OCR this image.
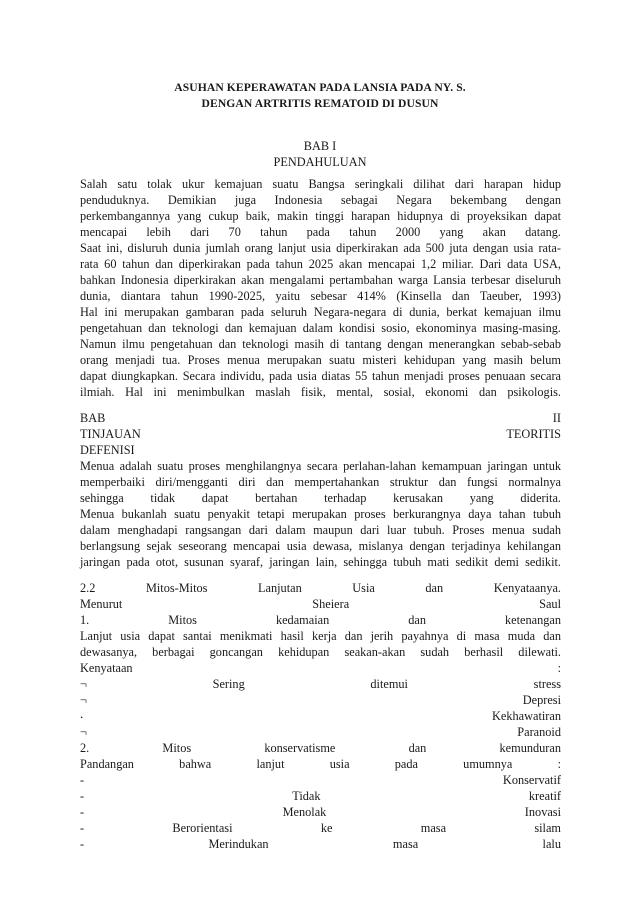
ASUHAN KEPERAWATAN PADA LANSIA PADA NY. S.
DENGAN ARTRITIS REMATOID DI DUSUN
BAB I
PENDAHULUAN
Salah satu tolak ukur kemajuan suatu Bangsa seringkali dilihat dari harapan hidup
penduduknya. Demikian juga Indonesia sebagai Negara bekembang dengan
perkembangannya yang cukup baik, makin tinggi harapan hidupnya di proyeksikan dapat
mencapai lebih dari 70 tahun pada tahun 2000 yang akan datang.
Saat ini, disluruh dunia jumlah orang lanjut usia diperkirakan ada 500 juta dengan usia rata-
rata 60 tahun dan diperkirakan pada tahun 2025 akan mencapai 1,2 miliar. Dari data USA,
bahkan Indonesia diperkirakan akan mengalami pertambahan warga Lansia terbesar diseluruh
dunia, diantara tahun 1990-2025, yaitu sebesar 414% (Kinsella dan Taeuber, 1993)
Hal ini merupakan gambaran pada seluruh Negara-negara di dunia, berkat kemajuan ilmu
pengetahuan dan teknologi dan kemajuan dalam kondisi sosio, ekonominya masing-masing.
Namun ilmu pengetahuan dan teknologi masih di tantang dengan menerangkan sebab-sebab
orang menjadi tua. Proses menua merupakan suatu misteri kehidupan yang masih belum
dapat diungkapkan. Secara individu, pada usia diatas 55 tahun menjadi proses penuaan secara
ilmiah. Hal ini menimbulkan maslah fisik, mental, sosial, ekonomi dan psikologis.
BAB II
TINJAUAN TEORITIS
DEFENISI
Menua adalah suatu proses menghilangnya secara perlahan-lahan kemampuan jaringan untuk
memperbaiki diri/mengganti diri dan mempertahankan struktur dan fungsi normalnya
sehingga tidak dapat bertahan terhadap kerusakan yang diderita.
Menua bukanlah suatu penyakit tetapi merupakan proses berkurangnya daya tahan tubuh
dalam menghadapi rangsangan dari dalam maupun dari luar tubuh. Proses menua sudah
berlangsung sejak seseorang mencapai usia dewasa, mislanya dengan terjadinya kehilangan
jaringan pada otot, susunan syaraf, jaringan lain, sehingga tubuh mati sedikit demi sedikit.
2.2 Mitos-Mitos Lanjutan Usia dan Kenyataanya.
Menurut Sheiera Saul
1. Mitos kedamaian dan ketenangan
Lanjut usia dapat santai menikmati hasil kerja dan jerih payahnya di masa muda dan
dewasanya, berbagai goncangan kehidupan seakan-akan sudah berhasil dilewati.
Kenyataan :
¬ Sering ditemui stress
¬ Depresi
⸳ Kekhawatiran
¬ Paranoid
2. Mitos konservatisme dan kemunduran
Pandangan bahwa lanjut usia pada umumnya :
- Konservatif
- Tidak kreatif
- Menolak Inovasi
- Berorientasi ke masa silam
- Merindukan masa lalu
